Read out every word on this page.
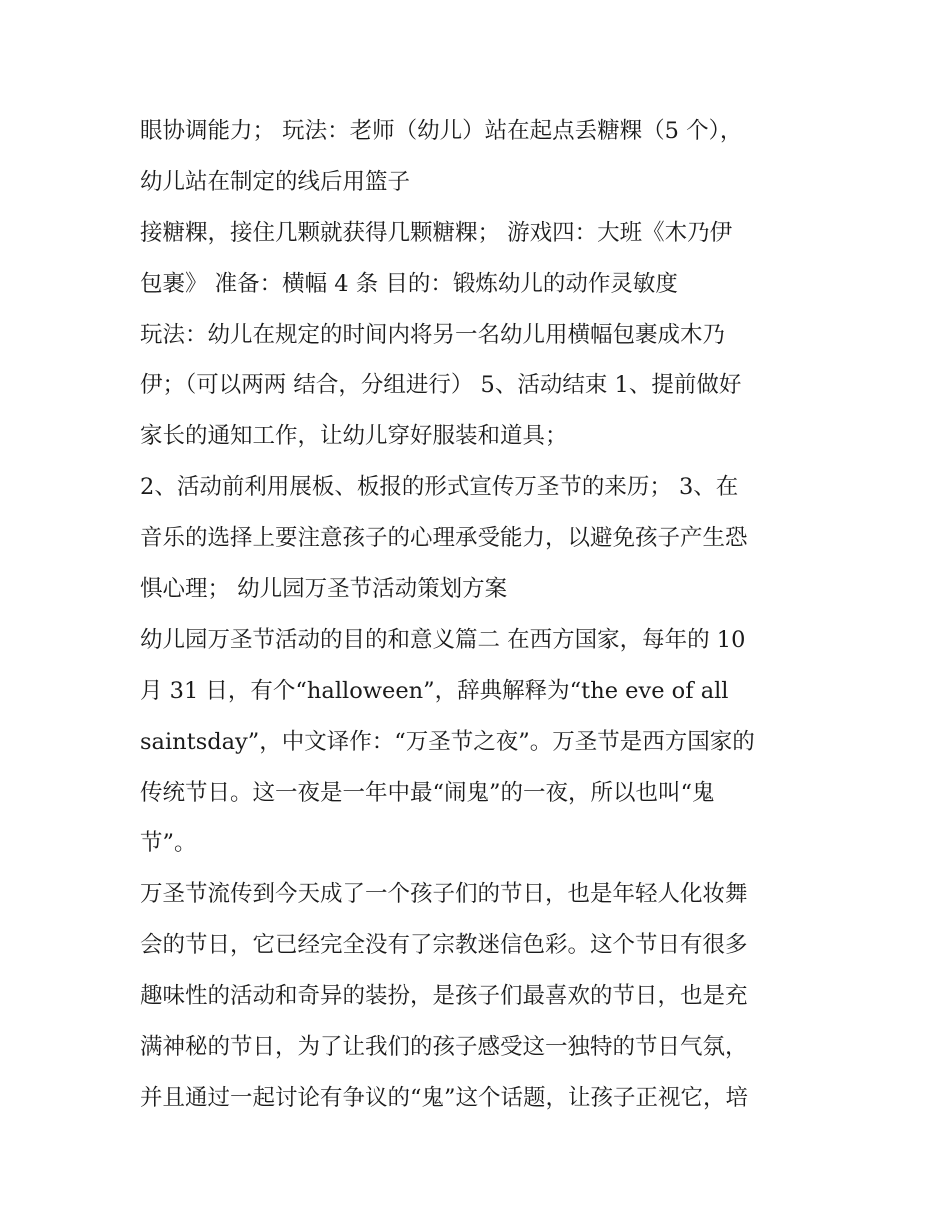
眼协调能力； 玩法：老师（幼儿）站在起点丢糖粿（5 个），
幼儿站在制定的线后用篮子
接糖粿，接住几颗就获得几颗糖粿； 游戏四：大班《木乃伊
包裹》 准备：横幅 4 条 目的：锻炼幼儿的动作灵敏度
玩法：幼儿在规定的时间内将另一名幼儿用横幅包裹成木乃
伊；（可以两两 结合，分组进行） 5、活动结束 1、提前做好
家长的通知工作，让幼儿穿好服装和道具；
2、活动前利用展板、板报的形式宣传万圣节的来历； 3、在
音乐的选择上要注意孩子的心理承受能力，以避免孩子产生恐
惧心理； 幼儿园万圣节活动策划方案
幼儿园万圣节活动的目的和意义篇二 在西方国家，每年的 10
月 31 日，有个“halloween”，辞典解释为“the eve of all
saintsday”，中文译作：“万圣节之夜”。万圣节是西方国家的
传统节日。这一夜是一年中最“闹鬼”的一夜，所以也叫“鬼
节”。
万圣节流传到今天成了一个孩子们的节日，也是年轻人化妆舞
会的节日，它已经完全没有了宗教迷信色彩。这个节日有很多
趣味性的活动和奇异的装扮，是孩子们最喜欢的节日，也是充
满神秘的节日，为了让我们的孩子感受这一独特的节日气氛，
并且通过一起讨论有争议的“鬼”这个话题，让孩子正视它，培
